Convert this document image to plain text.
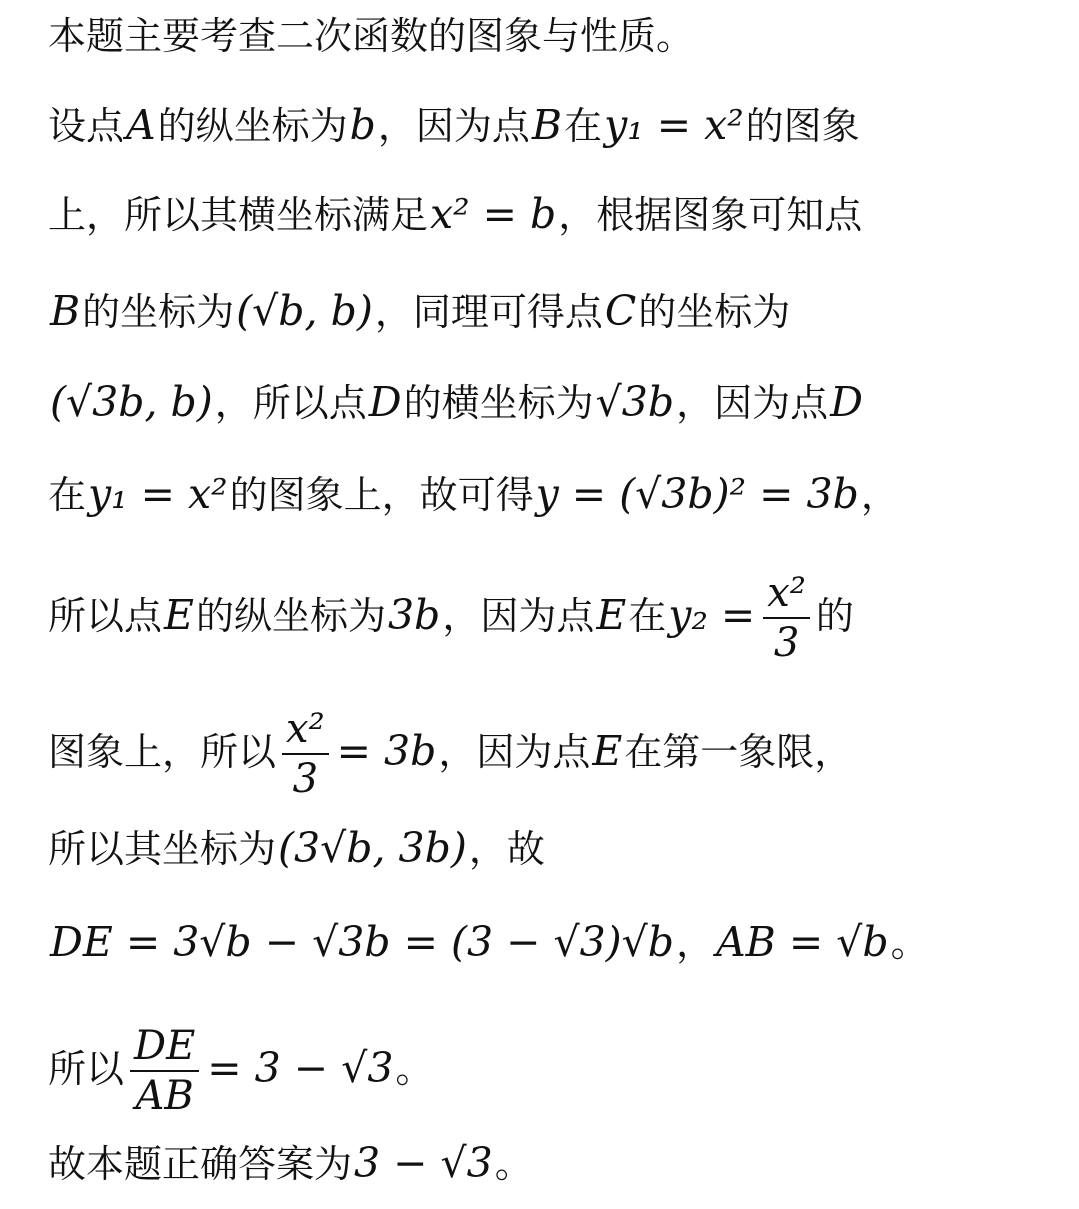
本题主要考查二次函数的图象与性质。
设点A的纵坐标为b，因为点B在y₁ = x²的图象
上，所以其横坐标满足x² = b，根据图象可知点
B的坐标为(√b, b)，同理可得点C的坐标为
(√3b, b)，所以点D的横坐标为√3b，因为点D
在y₁ = x²的图象上，故可得y = (√3b)² = 3b，
所以点E的纵坐标为3b，因为点E在$y_2 = \frac{\text{x²}}{3}$ 的
图象上，所以 $\frac{\text{x²}}{3} = 3b$，因为点E在第一象限，
所以其坐标为(3√b, 3b)，故
DE = 3√b − √3b = (3 − √3)√b，AB = √b。
所以 $\frac{DE}{AB} = 3 - √3$。
故本题正确答案为3 − √3。
